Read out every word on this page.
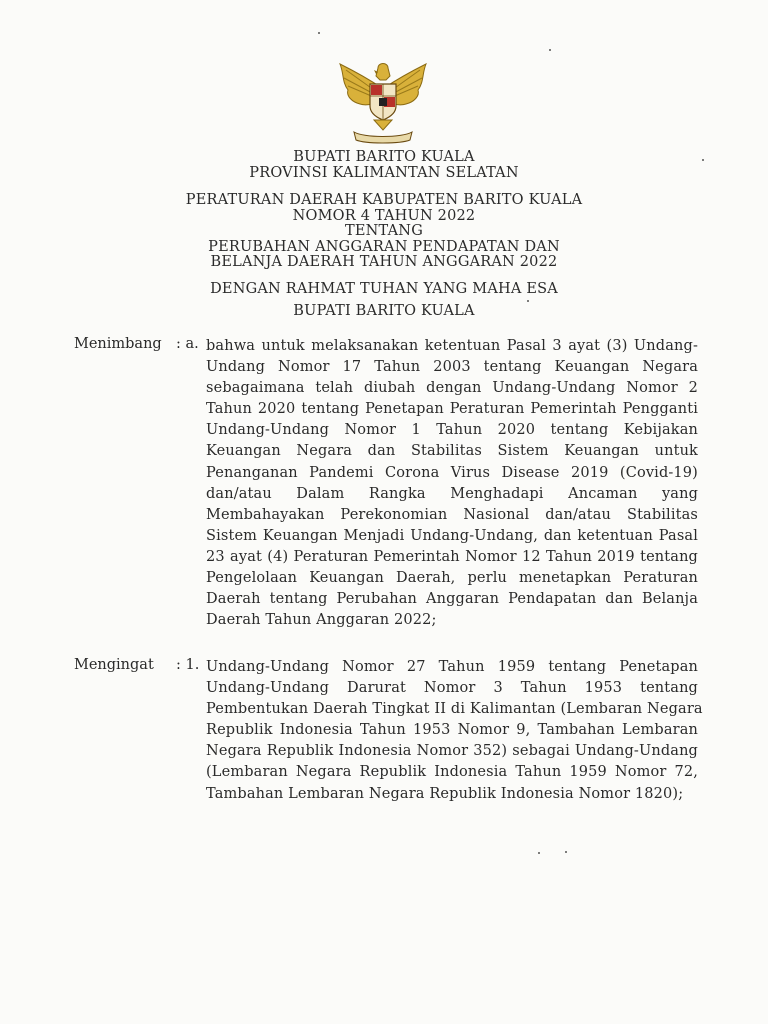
BUPATI BARITO KUALA
PROVINSI KALIMANTAN SELATAN
PERATURAN DAERAH KABUPATEN BARITO KUALA
NOMOR 4 TAHUN 2022
TENTANG
PERUBAHAN ANGGARAN PENDAPATAN DAN
BELANJA DAERAH TAHUN ANGGARAN 2022
DENGAN RAHMAT TUHAN YANG MAHA ESA
BUPATI BARITO KUALA
Menimbang : a. bahwa untuk melaksanakan ketentuan Pasal 3 ayat (3) Undang-
Undang Nomor 17 Tahun 2003 tentang Keuangan Negara
sebagaimana telah diubah dengan Undang-Undang Nomor 2
Tahun 2020 tentang Penetapan Peraturan Pemerintah Pengganti
Undang-Undang Nomor 1 Tahun 2020 tentang Kebijakan
Keuangan Negara dan Stabilitas Sistem Keuangan untuk
Penanganan Pandemi Corona Virus Disease 2019 (Covid-19)
dan/atau Dalam Rangka Menghadapi Ancaman yang
Membahayakan Perekonomian Nasional dan/atau Stabilitas
Sistem Keuangan Menjadi Undang-Undang, dan ketentuan Pasal
23 ayat (4) Peraturan Pemerintah Nomor 12 Tahun 2019 tentang
Pengelolaan Keuangan Daerah, perlu menetapkan Peraturan
Daerah tentang Perubahan Anggaran Pendapatan dan Belanja
Daerah Tahun Anggaran 2022;
Mengingat : 1. Undang-Undang Nomor 27 Tahun 1959 tentang Penetapan
Undang-Undang Darurat Nomor 3 Tahun 1953 tentang
Pembentukan Daerah Tingkat II di Kalimantan (Lembaran Negara
Republik Indonesia Tahun 1953 Nomor 9, Tambahan Lembaran
Negara Republik Indonesia Nomor 352) sebagai Undang-Undang
(Lembaran Negara Republik Indonesia Tahun 1959 Nomor 72,
Tambahan Lembaran Negara Republik Indonesia Nomor 1820);
